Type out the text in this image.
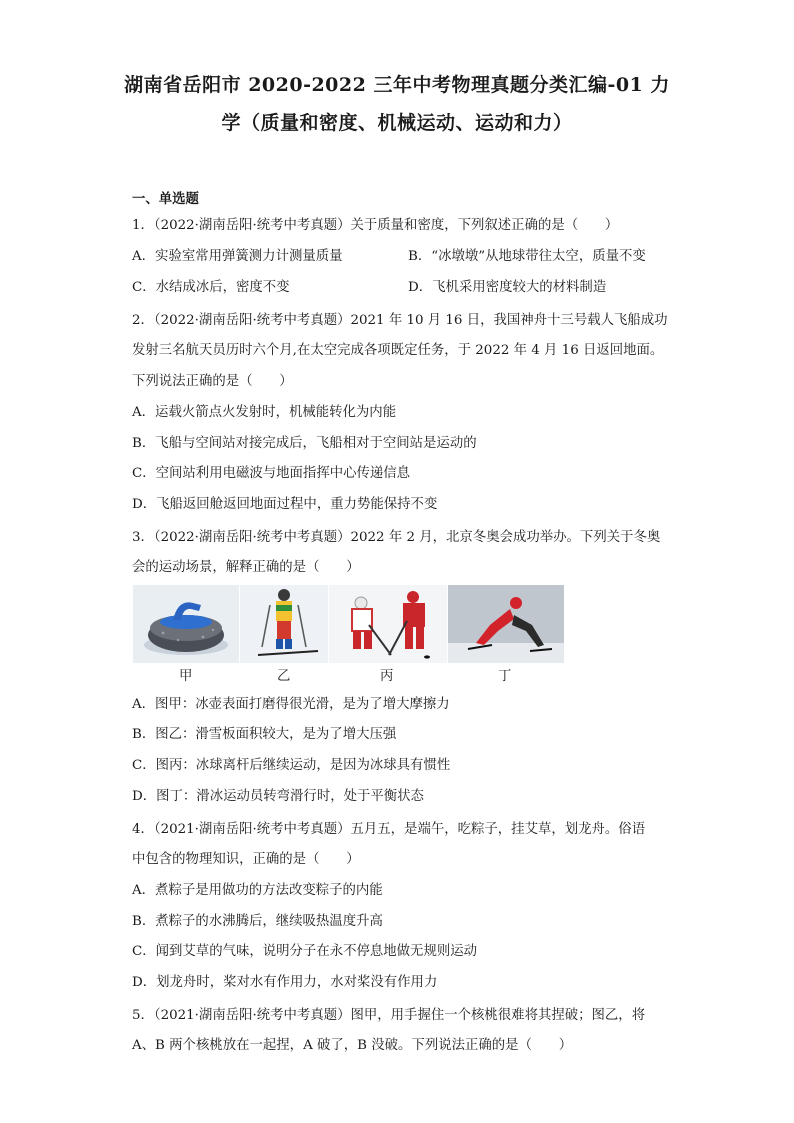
湖南省岳阳市 2020-2022 三年中考物理真题分类汇编-01 力
学（质量和密度、机械运动、运动和力）
一、单选题
1．（2022·湖南岳阳·统考中考真题）关于质量和密度，下列叙述正确的是（　　）
A．实验室常用弹簧测力计测量质量	B．“冰墩墩”从地球带往太空，质量不变
C．水结成冰后，密度不变	D．飞机采用密度较大的材料制造
2．（2022·湖南岳阳·统考中考真题）2021 年 10 月 16 日，我国神舟十三号载人飞船成功
发射三名航天员历时六个月,在太空完成各项既定任务，于 2022 年 4 月 16 日返回地面。
下列说法正确的是（　　）
A．运载火箭点火发射时，机械能转化为内能
B．飞船与空间站对接完成后，飞船相对于空间站是运动的
C．空间站利用电磁波与地面指挥中心传递信息
D．飞船返回舱返回地面过程中，重力势能保持不变
3．（2022·湖南岳阳·统考中考真题）2022 年 2 月，北京冬奥会成功举办。下列关于冬奥
会的运动场景，解释正确的是（　　）
甲	乙	丙	丁
A．图甲：冰壶表面打磨得很光滑，是为了增大摩擦力
B．图乙：滑雪板面积较大，是为了增大压强
C．图丙：冰球离杆后继续运动，是因为冰球具有惯性
D．图丁：滑冰运动员转弯滑行时，处于平衡状态
4．（2021·湖南岳阳·统考中考真题）五月五，是端午，吃粽子，挂艾草，划龙舟。俗语
中包含的物理知识，正确的是（　　）
A．煮粽子是用做功的方法改变粽子的内能
B．煮粽子的水沸腾后，继续吸热温度升高
C．闻到艾草的气味，说明分子在永不停息地做无规则运动
D．划龙舟时，桨对水有作用力，水对桨没有作用力
5．（2021·湖南岳阳·统考中考真题）图甲，用手握住一个核桃很难将其捏破；图乙，将
A、B 两个核桃放在一起捏，A 破了，B 没破。下列说法正确的是（　　）
